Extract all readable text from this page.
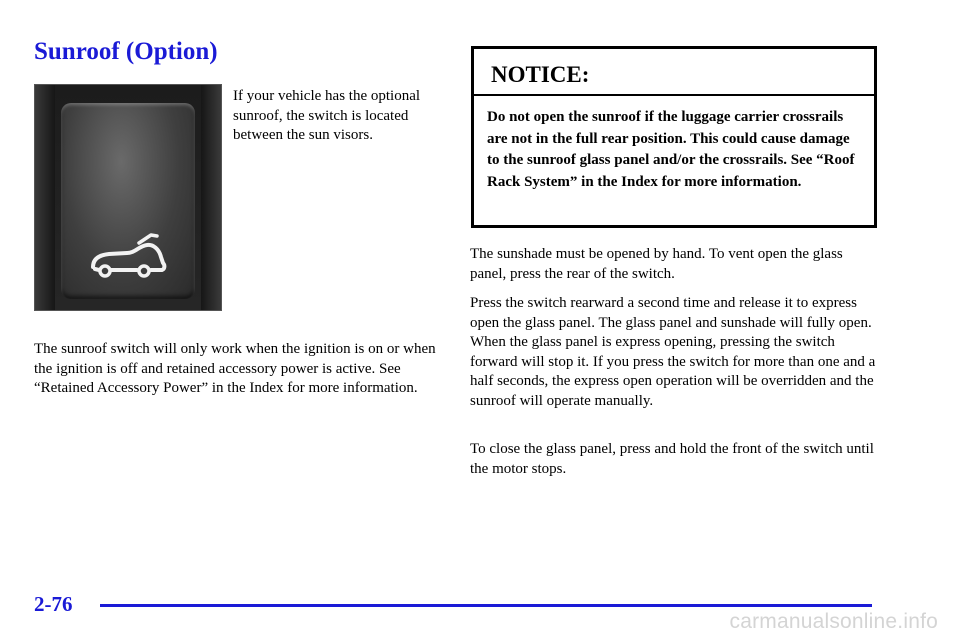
Sunroof (Option)

If your vehicle has the optional sunroof, the switch is located between the sun visors.

The sunroof switch will only work when the ignition is on or when the ignition is off and retained accessory power is active. See “Retained Accessory Power” in the Index for more information.

NOTICE:
Do not open the sunroof if the luggage carrier crossrails are not in the full rear position. This could cause damage to the sunroof glass panel and/or the crossrails. See “Roof Rack System” in the Index for more information.

The sunshade must be opened by hand. To vent open the glass panel, press the rear of the switch.

Press the switch rearward a second time and release it to express open the glass panel. The glass panel and sunshade will fully open. When the glass panel is express opening, pressing the switch forward will stop it. If you press the switch for more than one and a half seconds, the express open operation will be overridden and the sunroof will operate manually.

To close the glass panel, press and hold the front of the switch until the motor stops.

2-76
carmanualsonline.info
